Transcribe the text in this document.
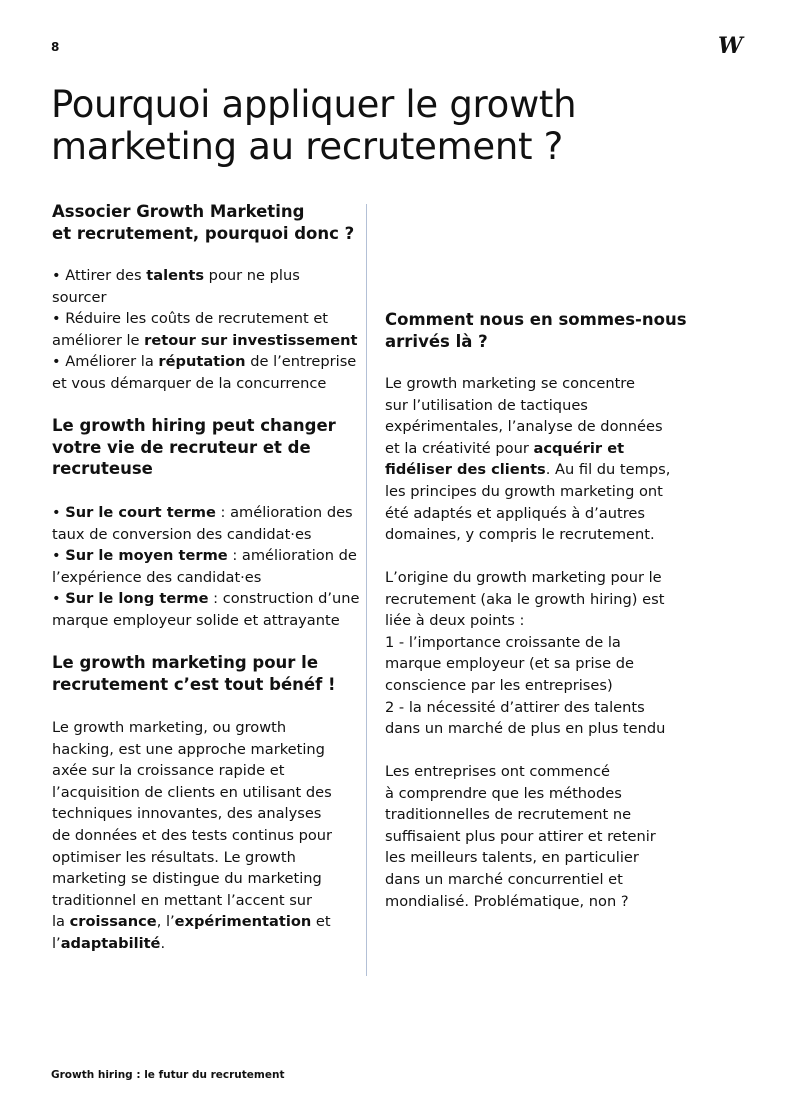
8	W
Pourquoi appliquer le growth
marketing au recrutement ?
Associer Growth Marketing
et recrutement, pourquoi donc ?
• Attirer des talents pour ne plus
sourcer
• Réduire les coûts de recrutement et
améliorer le retour sur investissement
• Améliorer la réputation de l’entreprise
et vous démarquer de la concurrence
Le growth hiring peut changer
votre vie de recruteur et de
recruteuse
• Sur le court terme : amélioration des
taux de conversion des candidat·es
• Sur le moyen terme : amélioration de
l’expérience des candidat·es
• Sur le long terme : construction d’une
marque employeur solide et attrayante
Le growth marketing pour le
recrutement c’est tout bénéf !
Le growth marketing, ou growth
hacking, est une approche marketing
axée sur la croissance rapide et
l’acquisition de clients en utilisant des
techniques innovantes, des analyses
de données et des tests continus pour
optimiser les résultats. Le growth
marketing se distingue du marketing
traditionnel en mettant l’accent sur
la croissance, l’expérimentation et
l’adaptabilité.
Comment nous en sommes-nous
arrivés là ?
Le growth marketing se concentre
sur l’utilisation de tactiques
expérimentales, l’analyse de données
et la créativité pour acquérir et
fidéliser des clients. Au fil du temps,
les principes du growth marketing ont
été adaptés et appliqués à d’autres
domaines, y compris le recrutement.
L’origine du growth marketing pour le
recrutement (aka le growth hiring) est
liée à deux points :
1 - l’importance croissante de la
marque employeur (et sa prise de
conscience par les entreprises)
2 - la nécessité d’attirer des talents
dans un marché de plus en plus tendu
Les entreprises ont commencé
à comprendre que les méthodes
traditionnelles de recrutement ne
suffisaient plus pour attirer et retenir
les meilleurs talents, en particulier
dans un marché concurrentiel et
mondialisé. Problématique, non ?
Growth hiring : le futur du recrutement
